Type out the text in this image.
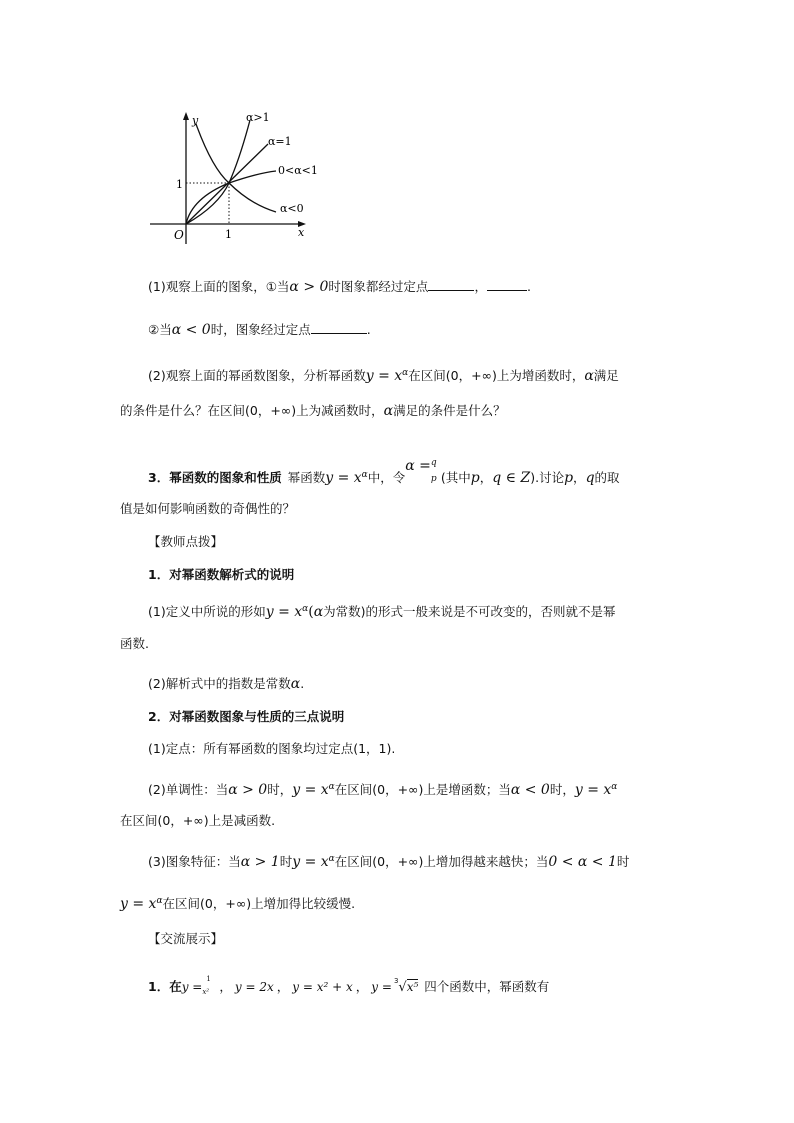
y
x
O	1
1
α>1
α=1
0<α<1
α<0
(1)观察上面的图象，①当α > 0时图象都经过定点	，	.
②当α < 0时，图象经过定点	.
(2)观察上面的幂函数图象，分析幂函数$y = x^\alpha$在区间(0，+∞)上为增函数时，α满足
的条件是什么？在区间(0，+∞)上为减函数时，α满足的条件是什么？
3．幂函数的图象和性质 幂函数$y = x^\alpha$中，令α = q
p (其中p，q ∈ Z).讨论p，q的取
值是如何影响函数的奇偶性的？
【教师点拨】
1．对幂函数解析式的说明
(1)定义中所说的形如$y = x^\alpha(\alpha$为常数)的形式一般来说是不可改变的，否则就不是幂
函数.
(2)解析式中的指数是常数α.
2．对幂函数图象与性质的三点说明
(1)定点：所有幂函数的图象均过定点(1，1).
(2)单调性：当α > 0时，$y = x^\alpha$在区间(0，+∞)上是增函数；当α < 0时，$y = x^\alpha$
在区间(0，+∞)上是减函数.
(3)图象特征：当α > 1时$y = x^\alpha$在区间(0，+∞)上增加得越来越快；当0 < α < 1时
$y = x^\alpha$在区间(0，+∞)上增加得比较缓慢.
【交流展示】
1．在y =
1
x² ， y = 2x ， y = x² + x ， y = $^3$√x⁵ 四个函数中，幂函数有
